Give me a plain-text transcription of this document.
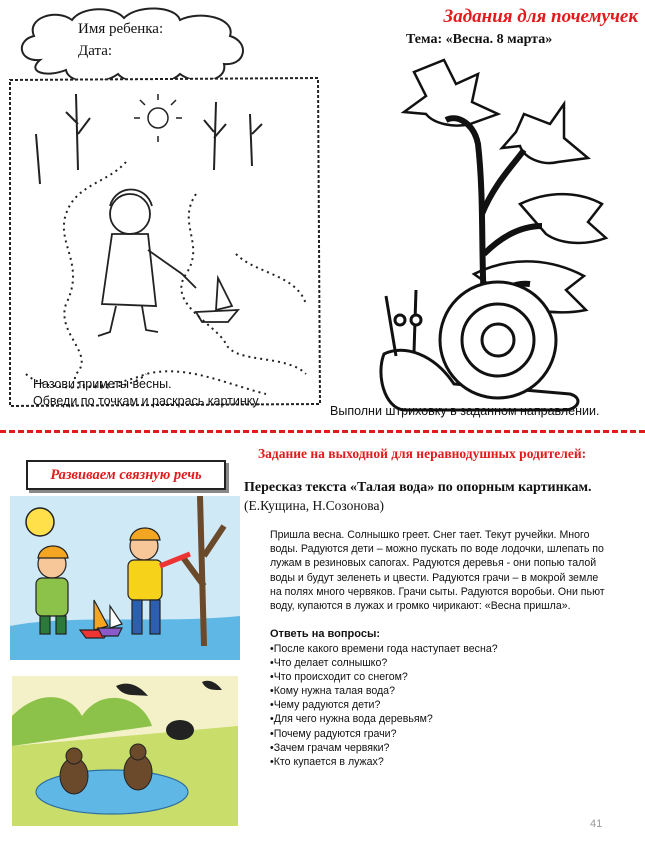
Имя ребенка:
Дата:
Задания для почемучек
Тема: «Весна. 8 марта»
Назови приметы весны.
Обведи по точкам и раскрась картинку.
Выполни штриховку в заданном направлении.
Задание на выходной для неравнодушных родителей:
Развиваем связную речь
Пересказ текста «Талая вода» по опорным картинкам.
(Е.Кущина, Н.Созонова)
Пришла весна. Солнышко греет. Снег тает. Текут ручейки. Много воды. Радуются дети – можно пускать по воде лодочки, шлепать по лужам в резиновых сапогах. Радуются деревья - они попью талой воды и будут зеленеть и цвести. Радуются грачи – в мокрой земле на полях много червяков. Грачи сыты. Радуются воробьи. Они пьют воду, купаются в лужах и громко чирикают: «Весна пришла».
Ответь на вопросы:
•После какого времени года наступает весна?
•Что делает солнышко?
•Что происходит со снегом?
•Кому нужна талая вода?
•Чему радуются дети?
•Для чего нужна вода деревьям?
•Почему радуются грачи?
•Зачем грачам червяки?
•Кто купается в лужах?
41
